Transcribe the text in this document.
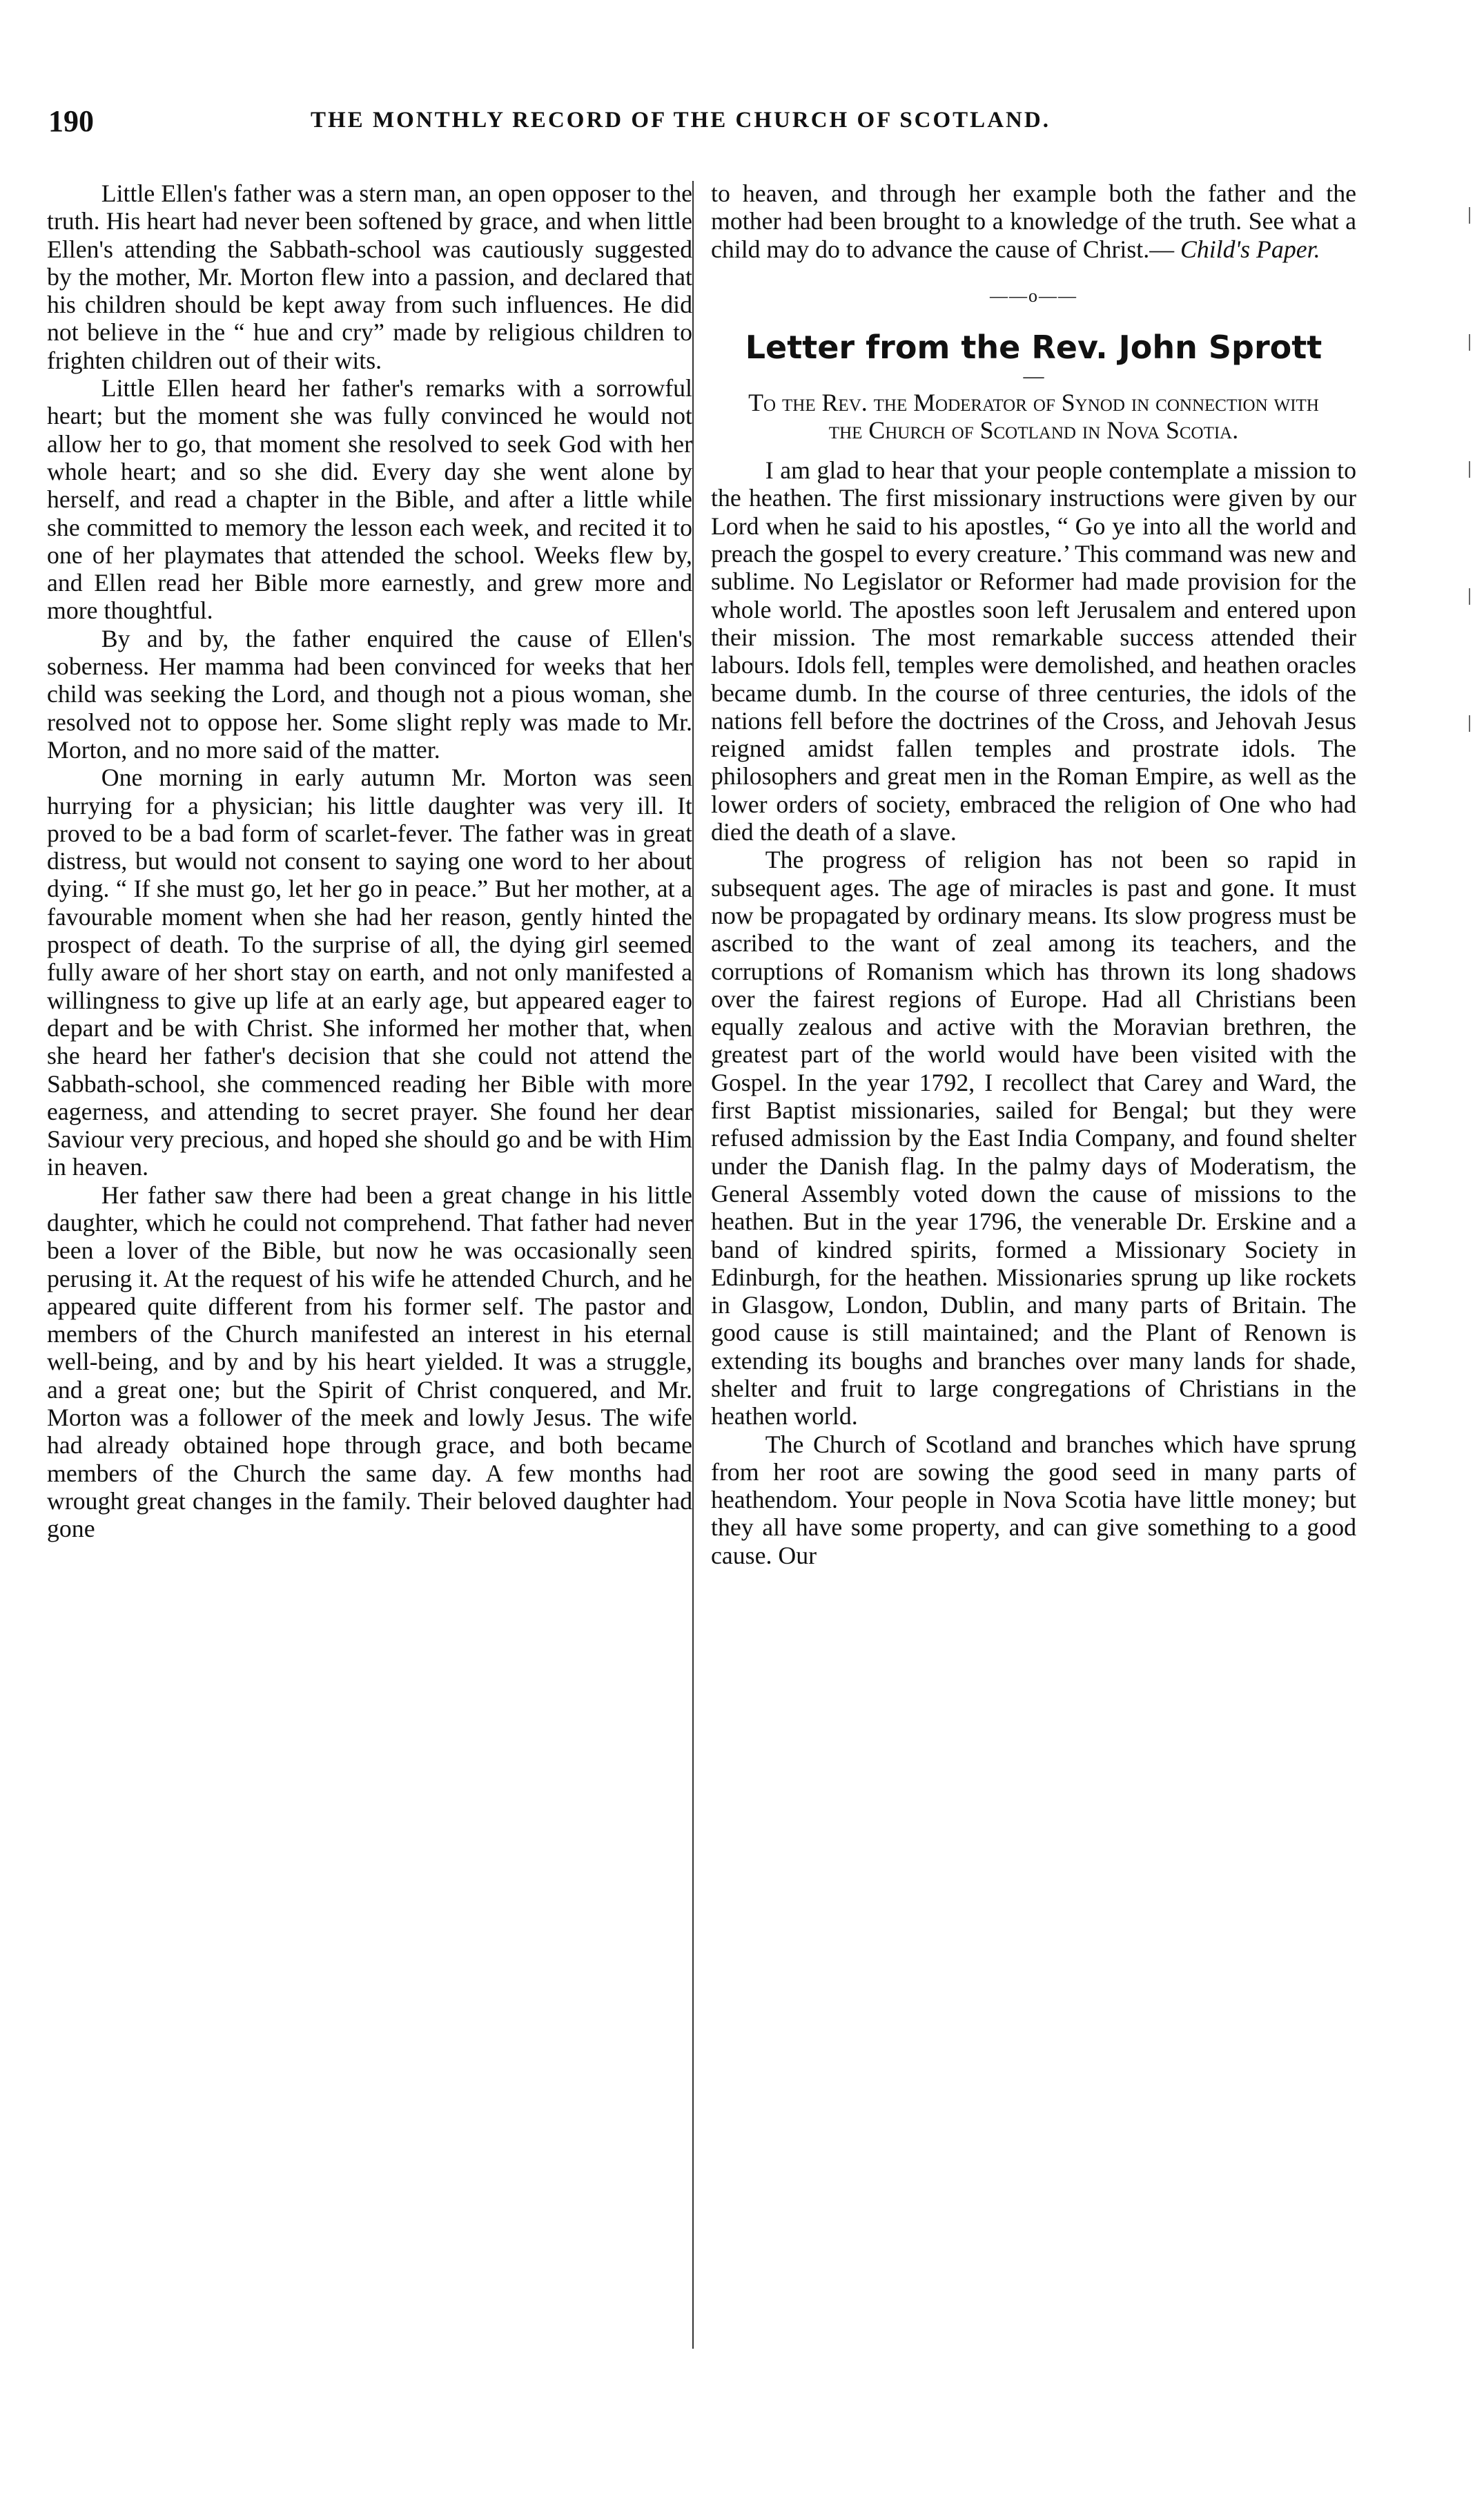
190	THE MONTHLY RECORD OF THE CHURCH OF SCOTLAND.

Little Ellen's father was a stern man, an open opposer to the truth. His heart had never been softened by grace, and when little Ellen's attending the Sabbath-school was cautiously suggested by the mother, Mr. Morton flew into a passion, and declared that his children should be kept away from such influences. He did not believe in the “ hue and cry” made by religious children to frighten children out of their wits.

Little Ellen heard her father's remarks with a sorrowful heart; but the moment she was fully convinced he would not allow her to go, that moment she resolved to seek God with her whole heart; and so she did. Every day she went alone by herself, and read a chapter in the Bible, and after a little while she committed to memory the lesson each week, and recited it to one of her playmates that attended the school. Weeks flew by, and Ellen read her Bible more earnestly, and grew more and more thoughtful.

By and by, the father enquired the cause of Ellen's soberness. Her mamma had been convinced for weeks that her child was seeking the Lord, and though not a pious woman, she resolved not to oppose her. Some slight reply was made to Mr. Morton, and no more said of the matter.

One morning in early autumn Mr. Morton was seen hurrying for a physician; his little daughter was very ill. It proved to be a bad form of scarlet-fever. The father was in great distress, but would not consent to saying one word to her about dying. “ If she must go, let her go in peace.” But her mother, at a favourable moment when she had her reason, gently hinted the prospect of death. To the surprise of all, the dying girl seemed fully aware of her short stay on earth, and not only manifested a willingness to give up life at an early age, but appeared eager to depart and be with Christ. She informed her mother that, when she heard her father's decision that she could not attend the Sabbath-school, she commenced reading her Bible with more eagerness, and attending to secret prayer. She found her dear Saviour very precious, and hoped she should go and be with Him in heaven.

Her father saw there had been a great change in his little daughter, which he could not comprehend. That father had never been a lover of the Bible, but now he was occasionally seen perusing it. At the request of his wife he attended Church, and he appeared quite different from his former self. The pastor and members of the Church manifested an interest in his eternal well-being, and by and by his heart yielded. It was a struggle, and a great one; but the Spirit of Christ conquered, and Mr. Morton was a follower of the meek and lowly Jesus. The wife had already obtained hope through grace, and both became members of the Church the same day. A few months had wrought great changes in the family. Their beloved daughter had gone

to heaven, and through her example both the father and the mother had been brought to a knowledge of the truth. See what a child may do to advance the cause of Christ.— Child's Paper.

——o——
Letter from the Rev. John Sprott
—
To the Rev. the Moderator of Synod in connection with the Church of Scotland in Nova Scotia.

I am glad to hear that your people contemplate a mission to the heathen. The first missionary instructions were given by our Lord when he said to his apostles, “ Go ye into all the world and preach the gospel to every creature.’ This command was new and sublime. No Legislator or Reformer had made provision for the whole world. The apostles soon left Jerusalem and entered upon their mission. The most remarkable success attended their labours. Idols fell, temples were demolished, and heathen oracles became dumb. In the course of three centuries, the idols of the nations fell before the doctrines of the Cross, and Jehovah Jesus reigned amidst fallen temples and prostrate idols. The philosophers and great men in the Roman Empire, as well as the lower orders of society, embraced the religion of One who had died the death of a slave.

The progress of religion has not been so rapid in subsequent ages. The age of miracles is past and gone. It must now be propagated by ordinary means. Its slow progress must be ascribed to the want of zeal among its teachers, and the corruptions of Romanism which has thrown its long shadows over the fairest regions of Europe. Had all Christians been equally zealous and active with the Moravian brethren, the greatest part of the world would have been visited with the Gospel. In the year 1792, I recollect that Carey and Ward, the first Baptist missionaries, sailed for Bengal; but they were refused admission by the East India Company, and found shelter under the Danish flag. In the palmy days of Moderatism, the General Assembly voted down the cause of missions to the heathen. But in the year 1796, the venerable Dr. Erskine and a band of kindred spirits, formed a Missionary Society in Edinburgh, for the heathen. Missionaries sprung up like rockets in Glasgow, London, Dublin, and many parts of Britain. The good cause is still maintained; and the Plant of Renown is extending its boughs and branches over many lands for shade, shelter and fruit to large congregations of Christians in the heathen world.

The Church of Scotland and branches which have sprung from her root are sowing the good seed in many parts of heathendom. Your people in Nova Scotia have little money; but they all have some property, and can give something to a good cause. Our
